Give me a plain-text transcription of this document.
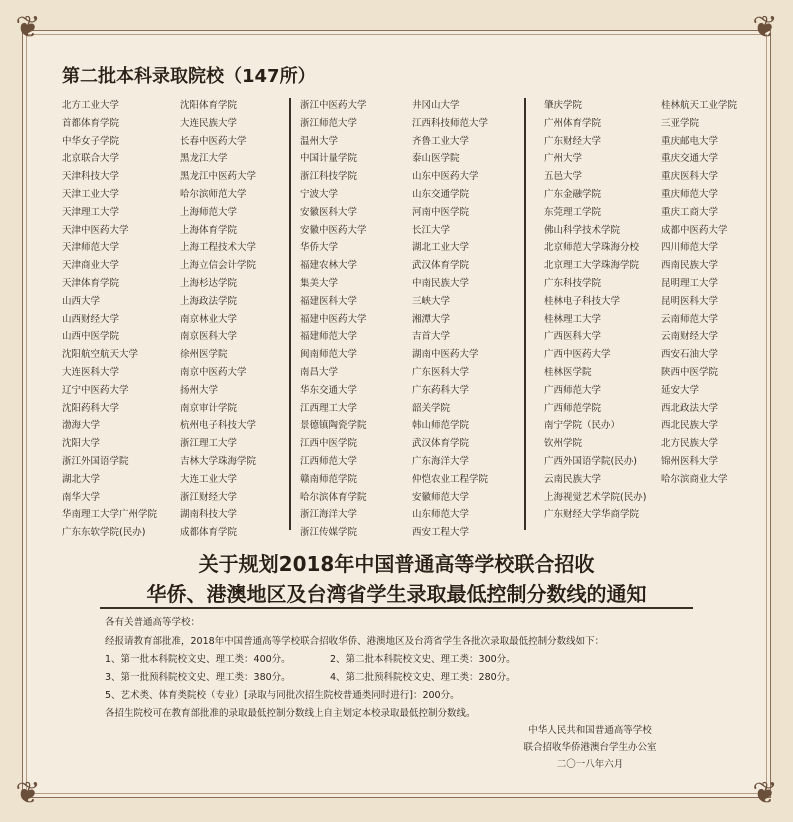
❦	❦
❦	❦
第二批本科录取院校（147所）
北方工业大学
首都体育学院
中华女子学院
北京联合大学
天津科技大学
天津工业大学
天津理工大学
天津中医药大学
天津师范大学
天津商业大学
天津体育学院
山西大学
山西财经大学
山西中医学院
沈阳航空航天大学
大连医科大学
辽宁中医药大学
沈阳药科大学
渤海大学
沈阳大学
浙江外国语学院
湖北大学
南华大学
华南理工大学广州学院
广东东软学院(民办)
沈阳体育学院
大连民族大学
长春中医药大学
黑龙江大学
黑龙江中医药大学
哈尔滨师范大学
上海师范大学
上海体育学院
上海工程技术大学
上海立信会计学院
上海杉达学院
上海政法学院
南京林业大学
南京医科大学
徐州医学院
南京中医药大学
扬州大学
南京审计学院
杭州电子科技大学
浙江理工大学
吉林大学珠海学院
大连工业大学
浙江财经大学
湖南科技大学
成都体育学院
浙江中医药大学
浙江师范大学
温州大学
中国计量学院
浙江科技学院
宁波大学
安徽医科大学
安徽中医药大学
华侨大学
福建农林大学
集美大学
福建医科大学
福建中医药大学
福建师范大学
闽南师范大学
南昌大学
华东交通大学
江西理工大学
景德镇陶瓷学院
江西中医学院
江西师范大学
赣南师范学院
哈尔滨体育学院
浙江海洋大学
浙江传媒学院
井冈山大学
江西科技师范大学
齐鲁工业大学
泰山医学院
山东中医药大学
山东交通学院
河南中医学院
长江大学
湖北工业大学
武汉体育学院
中南民族大学
三峡大学
湘潭大学
吉首大学
湖南中医药大学
广东医科大学
广东药科大学
韶关学院
韩山师范学院
武汉体育学院
广东海洋大学
仲恺农业工程学院
安徽师范大学
山东师范大学
西安工程大学
肇庆学院
广州体育学院
广东财经大学
广州大学
五邑大学
广东金融学院
东莞理工学院
佛山科学技术学院
北京师范大学珠海分校
北京理工大学珠海学院
广东科技学院
桂林电子科技大学
桂林理工大学
广西医科大学
广西中医药大学
桂林医学院
广西师范大学
广西师范学院
南宁学院（民办）
钦州学院
广西外国语学院(民办)
云南民族大学
上海视觉艺术学院(民办)
广东财经大学华商学院
桂林航天工业学院
三亚学院
重庆邮电大学
重庆交通大学
重庆医科大学
重庆师范大学
重庆工商大学
成都中医药大学
四川师范大学
西南民族大学
昆明理工大学
昆明医科大学
云南师范大学
云南财经大学
西安石油大学
陕西中医学院
延安大学
西北政法大学
西北民族大学
北方民族大学
锦州医科大学
哈尔滨商业大学
关于规划2018年中国普通高等学校联合招收
华侨、港澳地区及台湾省学生录取最低控制分数线的通知
各有关普通高等学校：
经报请教育部批准，2018年中国普通高等学校联合招收华侨、港澳地区及台湾省学生各批次录取最低控制分数线如下：
1、第一批本科院校文史、理工类：400分。	2、第二批本科院校文史、理工类：300分。
3、第一批预科院校文史、理工类：380分。	4、第二批预科院校文史、理工类：280分。
5、艺术类、体育类院校（专业）[录取与同批次招生院校普通类同时进行]：200分。
各招生院校可在教育部批准的录取最低控制分数线上自主划定本校录取最低控制分数线。
中华人民共和国普通高等学校
联合招收华侨港澳台学生办公室
二〇一八年六月
